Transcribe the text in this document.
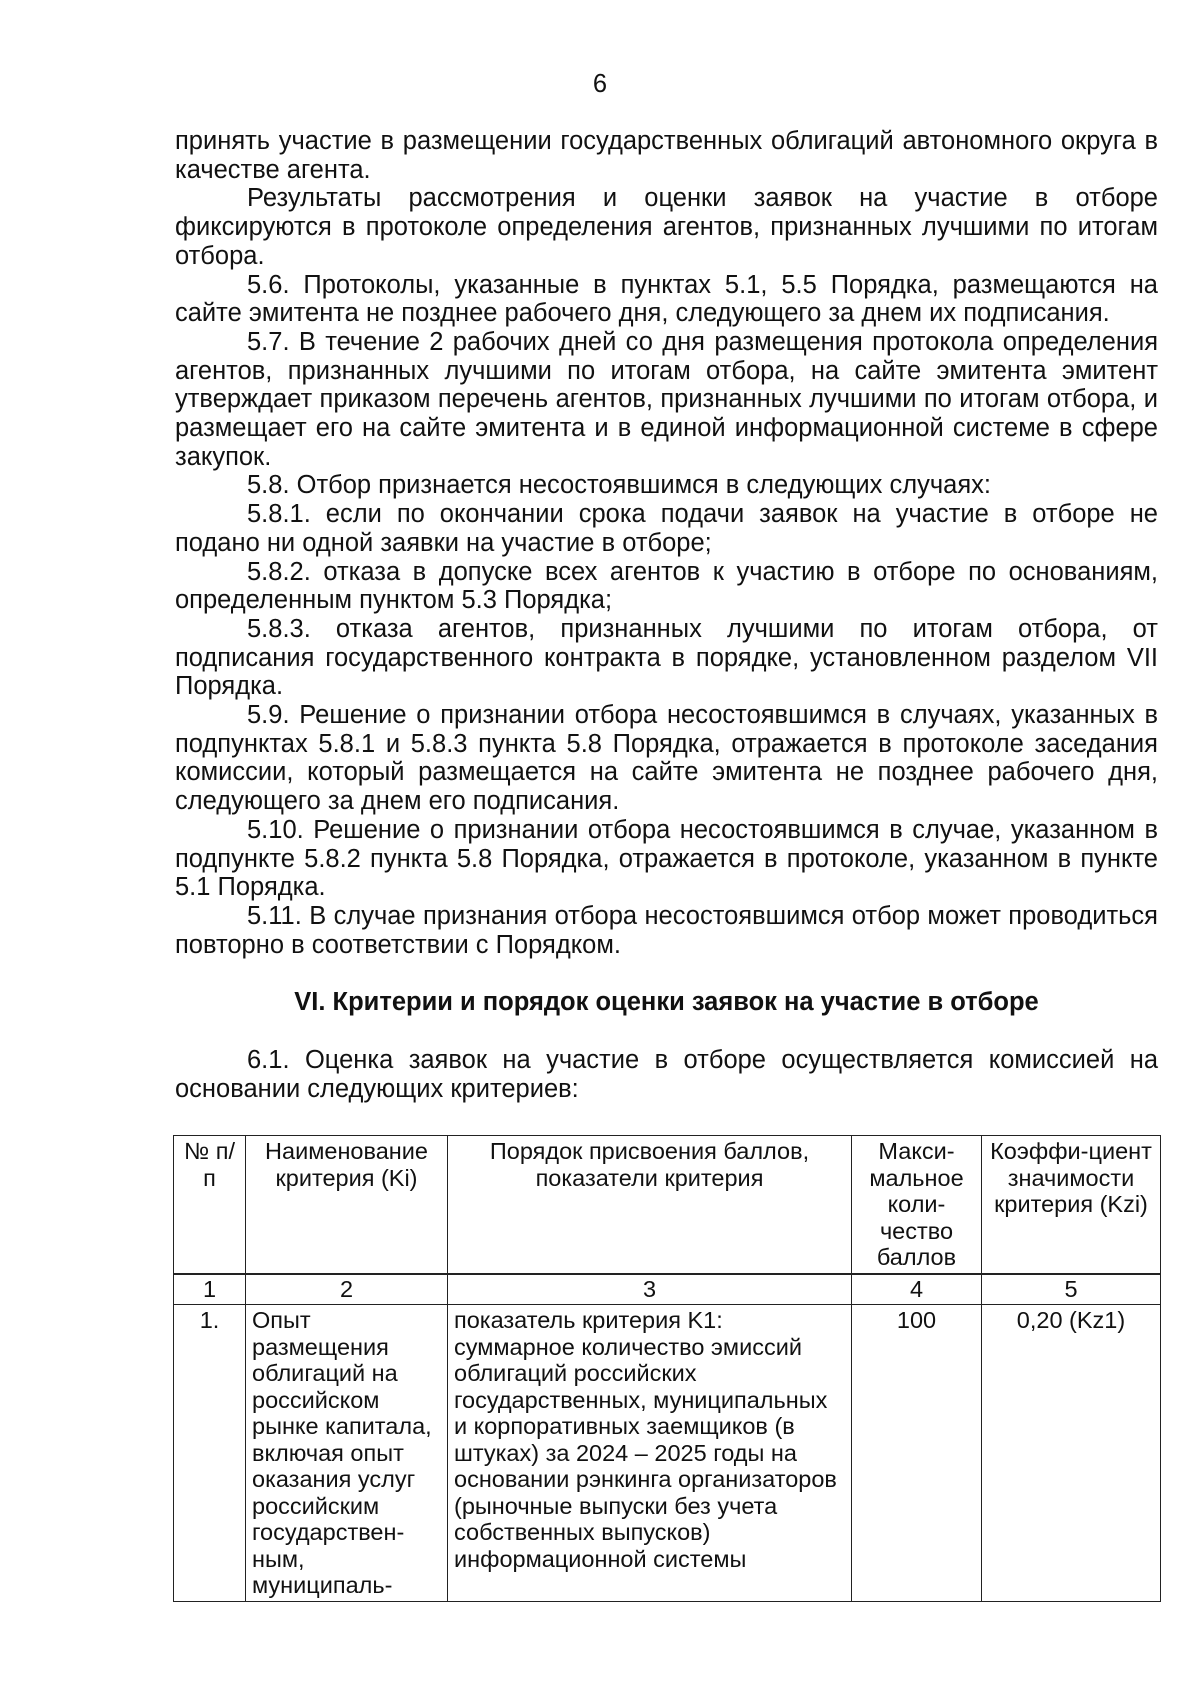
6

принять участие в размещении государственных облигаций автономного округа в качестве агента.

Результаты рассмотрения и оценки заявок на участие в отборе фиксируются в протоколе определения агентов, признанных лучшими по итогам отбора.

5.6. Протоколы, указанные в пунктах 5.1, 5.5 Порядка, размещаются на сайте эмитента не позднее рабочего дня, следующего за днем их подписания.

5.7. В течение 2 рабочих дней со дня размещения протокола определения агентов, признанных лучшими по итогам отбора, на сайте эмитента эмитент утверждает приказом перечень агентов, признанных лучшими по итогам отбора, и размещает его на сайте эмитента и в единой информационной системе в сфере закупок.

5.8. Отбор признается несостоявшимся в следующих случаях:

5.8.1. если по окончании срока подачи заявок на участие в отборе не подано ни одной заявки на участие в отборе;

5.8.2. отказа в допуске всех агентов к участию в отборе по основаниям, определенным пунктом 5.3 Порядка;

5.8.3. отказа агентов, признанных лучшими по итогам отбора, от подписания государственного контракта в порядке, установленном разделом VII Порядка.

5.9. Решение о признании отбора несостоявшимся в случаях, указанных в подпунктах 5.8.1 и 5.8.3 пункта 5.8 Порядка, отражается в протоколе заседания комиссии, который размещается на сайте эмитента не позднее рабочего дня, следующего за днем его подписания.

5.10. Решение о признании отбора несостоявшимся в случае, указанном в подпункте 5.8.2 пункта 5.8 Порядка, отражается в протоколе, указанном в пункте 5.1 Порядка.

5.11. В случае признания отбора несостоявшимся отбор может проводиться повторно в соответствии с Порядком.

VI. Критерии и порядок оценки заявок на участие в отборе

6.1. Оценка заявок на участие в отборе осуществляется комиссией на основании следующих критериев:

№ п/п	Наименование критерия (Ki)	Порядок присвоения баллов, показатели критерия	Макси-мальное коли-чество баллов	Коэффи-циент значимости критерия (Kzi)
1	2	3	4	5
1.	Опыт размещения облигаций на российском рынке капитала, включая опыт оказания услуг российским государствен-ным, муниципаль-	показатель критерия K1: суммарное количество эмиссий облигаций российских государственных, муниципальных и корпоративных заемщиков (в штуках) за 2024 – 2025 годы на основании рэнкинга организаторов (рыночные выпуски без учета собственных выпусков) информационной системы	100	0,20 (Kz1)
